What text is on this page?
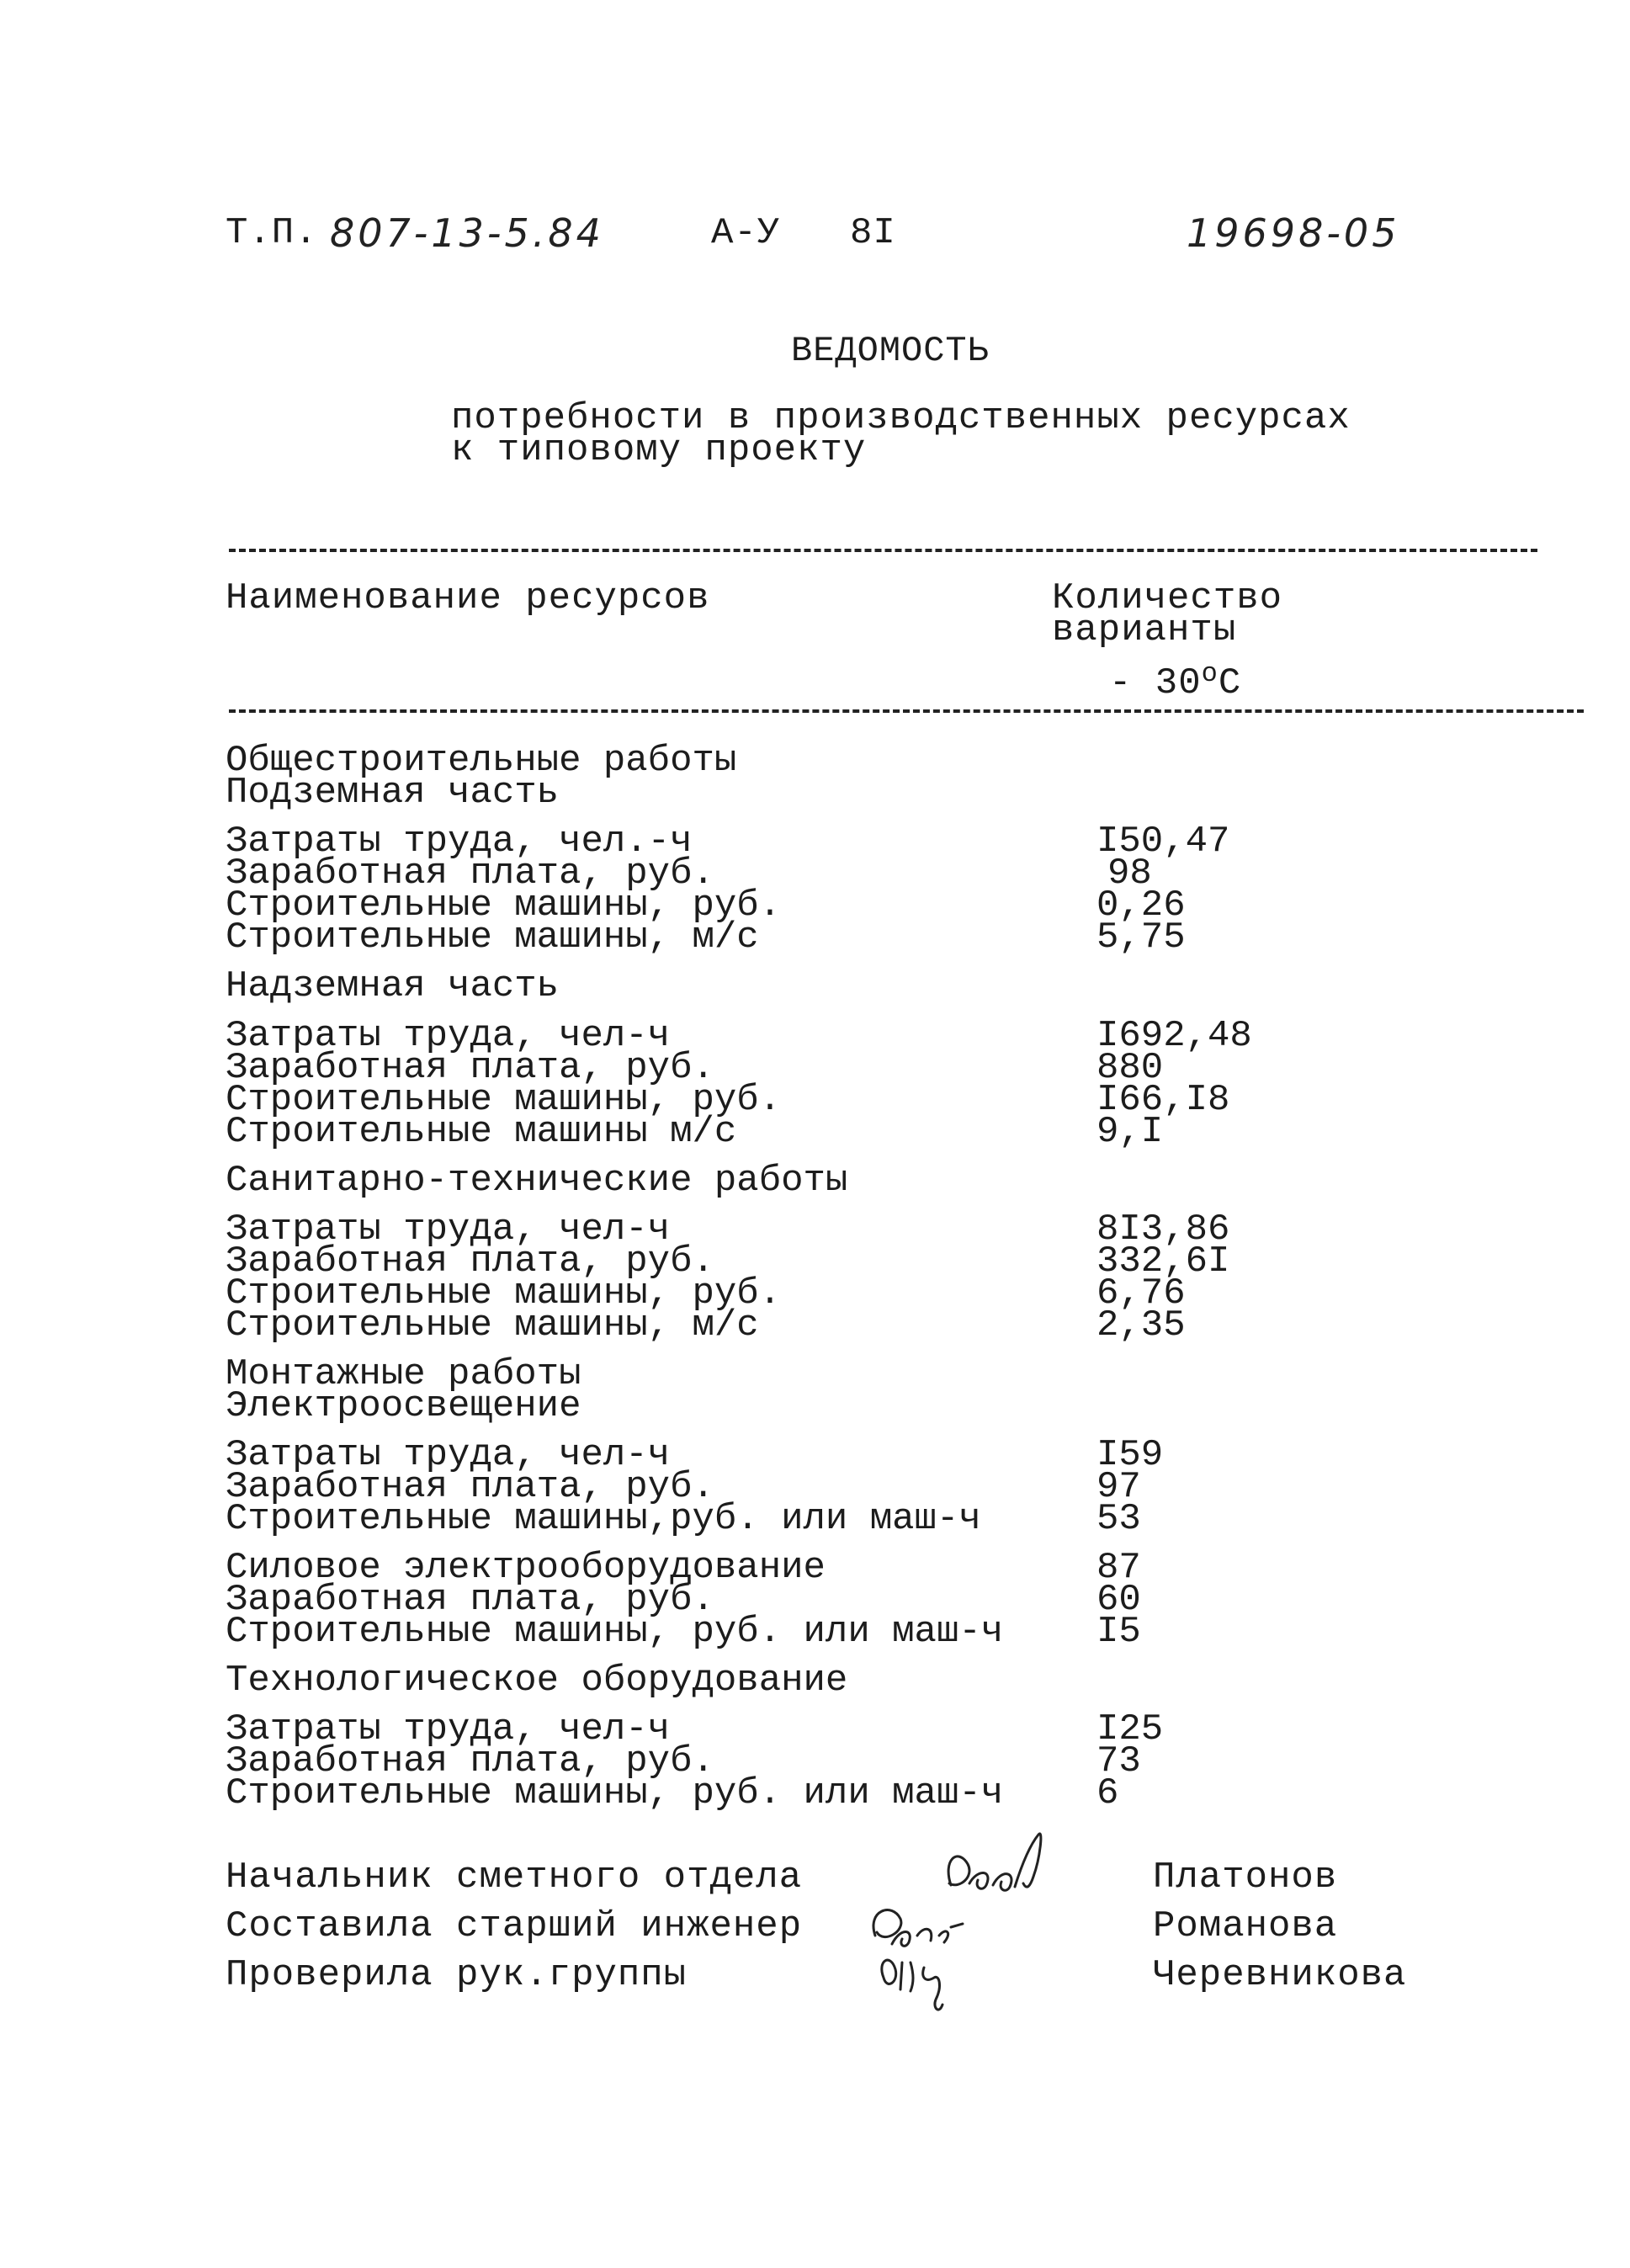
Т.П. 807-13-5.84	А-У 8I	19698-05
ВЕДОМОСТЬ
потребности в производственных ресурсах
к типовому проекту
Наименование ресурсов	Количество
варианты
- $30^оС$
Общестроительные работы
Подземная часть
Затраты труда, чел.-ч	I50,47
Заработная плата, руб.	98
Строительные машины, руб.	0,26
Строительные машины, м/с	5,75
Надземная часть
Затраты труда, чел-ч	I692,48
Заработная плата, руб.	880
Строительные машины, руб.	I66,I8
Строительные машины м/с	9,I
Санитарно-технические работы
Затраты труда, чел-ч	8I3,86
Заработная плата, руб.	332,6I
Строительные машины, руб.	6,76
Строительные машины, м/с	2,35
Монтажные работы
Электроосвещение
Затраты труда, чел-ч	I59
Заработная плата, руб.	97
Строительные машины,руб. или маш-ч	53
Силовое электрооборудование	87
Заработная плата, руб.	60
Строительные машины, руб. или маш-ч	I5
Технологическое оборудование
Затраты труда, чел-ч	I25
Заработная плата, руб.	73
Строительные машины, руб. или маш-ч	6
Начальник сметного отдела	Платонов
Составила старший инженер	Романова
Проверила рук.группы	Черевникова
